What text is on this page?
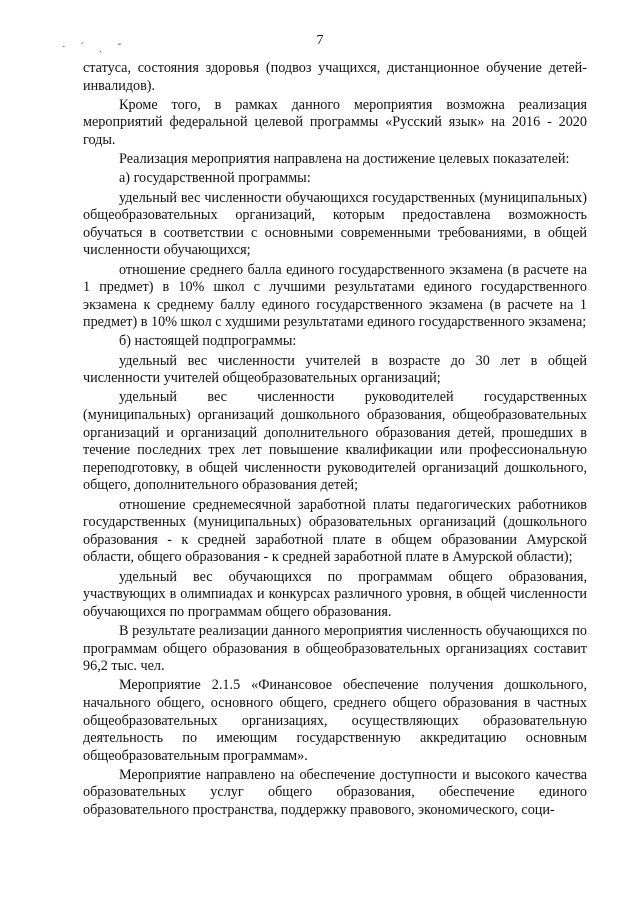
· ˊ ˎ ᐨ	7

статуса, состояния здоровья (подвоз учащихся, дистанционное обучение детей-инвалидов).

Кроме того, в рамках данного мероприятия возможна реализация мероприятий федеральной целевой программы «Русский язык» на 2016 - 2020 годы.

Реализация мероприятия направлена на достижение целевых показателей:

а) государственной программы:

удельный вес численности обучающихся государственных (муниципальных) общеобразовательных организаций, которым предоставлена возможность обучаться в соответствии с основными современными требованиями, в общей численности обучающихся;

отношение среднего балла единого государственного экзамена (в расчете на 1 предмет) в 10% школ с лучшими результатами единого государственного экзамена к среднему баллу единого государственного экзамена (в расчете на 1 предмет) в 10% школ с худшими результатами единого государственного экзамена;

б) настоящей подпрограммы:

удельный вес численности учителей в возрасте до 30 лет в общей численности учителей общеобразовательных организаций;

удельный вес численности руководителей государственных (муниципальных) организаций дошкольного образования, общеобразовательных организаций и организаций дополнительного образования детей, прошедших в течение последних трех лет повышение квалификации или профессиональную переподготовку, в общей численности руководителей организаций дошкольного, общего, дополнительного образования детей;

отношение среднемесячной заработной платы педагогических работников государственных (муниципальных) образовательных организаций (дошкольного образования - к средней заработной плате в общем образовании Амурской области, общего образования - к средней заработной плате в Амурской области);

удельный вес обучающихся по программам общего образования, участвующих в олимпиадах и конкурсах различного уровня, в общей численности обучающихся по программам общего образования.

В результате реализации данного мероприятия численность обучающихся по программам общего образования в общеобразовательных организациях составит 96,2 тыс. чел.

Мероприятие 2.1.5 «Финансовое обеспечение получения дошкольного, начального общего, основного общего, среднего общего образования в частных общеобразовательных организациях, осуществляющих образовательную деятельность по имеющим государственную аккредитацию основным общеобразовательным программам».

Мероприятие направлено на обеспечение доступности и высокого качества образовательных услуг общего образования, обеспечение единого образовательного пространства, поддержку правового, экономического, соци-
